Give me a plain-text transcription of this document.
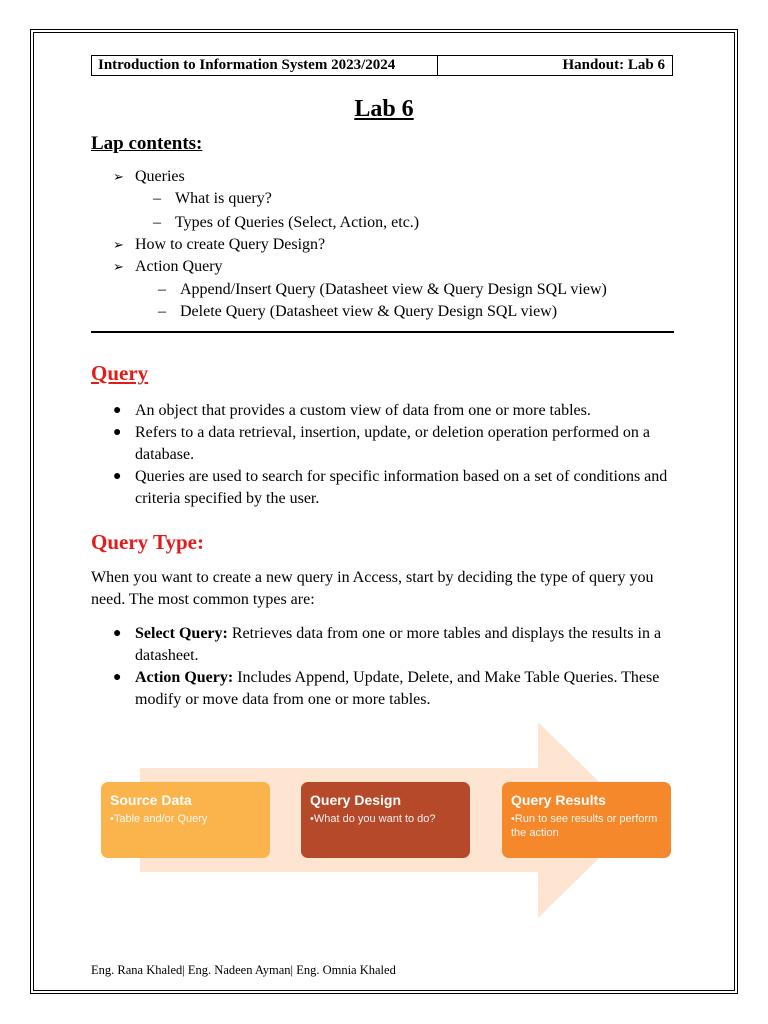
Introduction to Information System 2023/2024	Handout: Lab 6
Lab 6
Lap contents:
➢ Queries
– What is query?
– Types of Queries (Select, Action, etc.)
➢ How to create Query Design?
➢ Action Query
– Append/Insert Query (Datasheet view & Query Design SQL view)
– Delete Query (Datasheet view & Query Design SQL view)
Query
● An object that provides a custom view of data from one or more tables.
● Refers to a data retrieval, insertion, update, or deletion operation performed on a database.
● Queries are used to search for specific information based on a set of conditions and criteria specified by the user.
Query Type:
When you want to create a new query in Access, start by deciding the type of query you need. The most common types are:
● Select Query: Retrieves data from one or more tables and displays the results in a datasheet.
● Action Query: Includes Append, Update, Delete, and Make Table Queries. These modify or move data from one or more tables.
Source Data
•Table and/or Query
Query Design
•What do you want to do?
Query Results
•Run to see results or perform the action
Eng. Rana Khaled| Eng. Nadeen Ayman| Eng. Omnia Khaled
